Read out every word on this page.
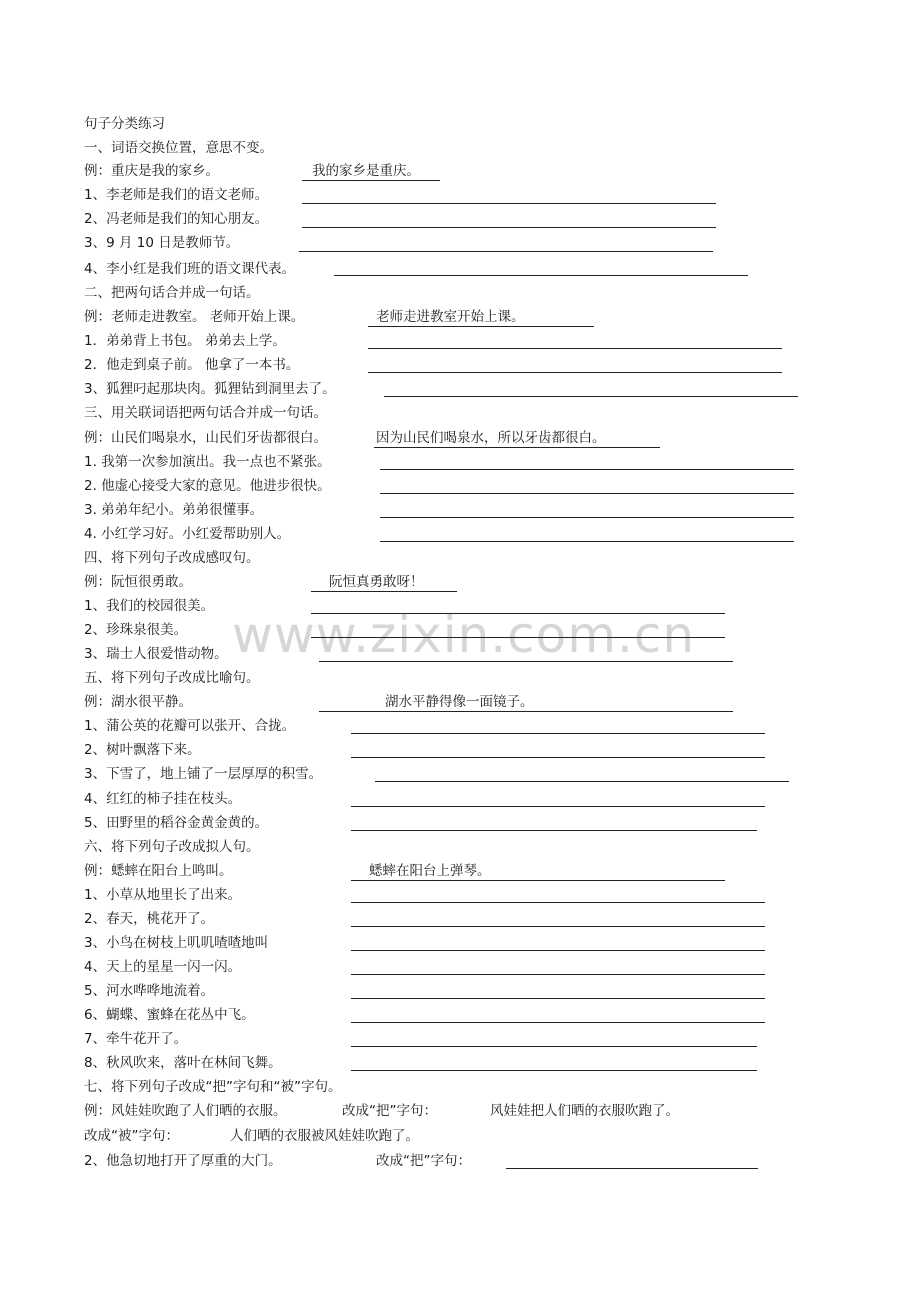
www.zixin.com.cn
句子分类练习
一、词语交换位置，意思不变。
例：重庆是我的家乡。	我的家乡是重庆。
1、李老师是我们的语文老师。
2、冯老师是我们的知心朋友。
3、9 月 10 日是教师节。
4、李小红是我们班的语文课代表。
二、把两句话合并成一句话。
例：老师走进教室。 老师开始上课。	老师走进教室开始上课。
1．弟弟背上书包。 弟弟去上学。
2．他走到桌子前。 他拿了一本书。
3、狐狸叼起那块肉。狐狸钻到洞里去了。
三、用关联词语把两句话合并成一句话。
例：山民们喝泉水，山民们牙齿都很白。	因为山民们喝泉水，所以牙齿都很白。
1. 我第一次参加演出。我一点也不紧张。
2. 他虚心接受大家的意见。他进步很快。
3. 弟弟年纪小。弟弟很懂事。
4. 小红学习好。小红爱帮助别人。
四、将下列句子改成感叹句。
例：阮恒很勇敢。	阮恒真勇敢呀！
1、我们的校园很美。
2、珍珠泉很美。
3、瑞士人很爱惜动物。
五、将下列句子改成比喻句。
例：湖水很平静。	湖水平静得像一面镜子。
1、蒲公英的花瓣可以张开、合拢。
2、树叶飘落下来。
3、下雪了，地上铺了一层厚厚的积雪。
4、红红的柿子挂在枝头。
5、田野里的稻谷金黄金黄的。
六、将下列句子改成拟人句。
例：蟋蟀在阳台上鸣叫。	蟋蟀在阳台上弹琴。
1、小草从地里长了出来。
2、春天，桃花开了。
3、小鸟在树枝上叽叽喳喳地叫
4、天上的星星一闪一闪。
5、河水哗哗地流着。
6、蝴蝶、蜜蜂在花丛中飞。
7、牵牛花开了。
8、秋风吹来，落叶在林间飞舞。
七、将下列句子改成“把”字句和“被”字句。
例：风娃娃吹跑了人们晒的衣服。	改成“把”字句：	风娃娃把人们晒的衣服吹跑了。
改成“被”字句：	人们晒的衣服被风娃娃吹跑了。
2、他急切地打开了厚重的大门。	改成“把”字句：
